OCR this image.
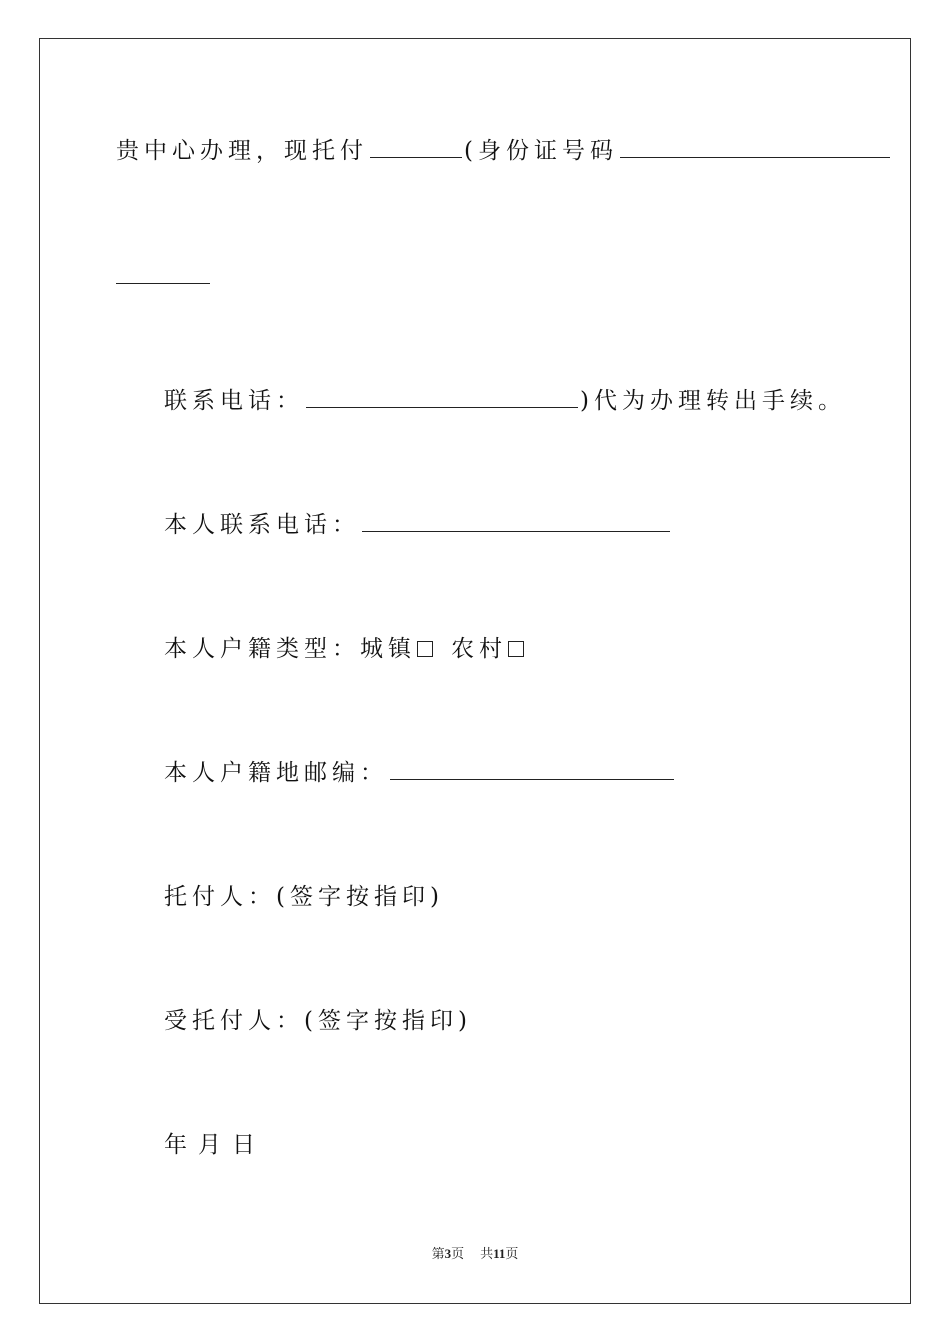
贵中心办理，现托付	(身份证号码
联系电话：	)代为办理转出手续。
本人联系电话：
本人户籍类型：城镇 农村
本人户籍地邮编：
托付人：(签字按指印)
受托付人：(签字按指印)
年 月 日
第3页 共11页
